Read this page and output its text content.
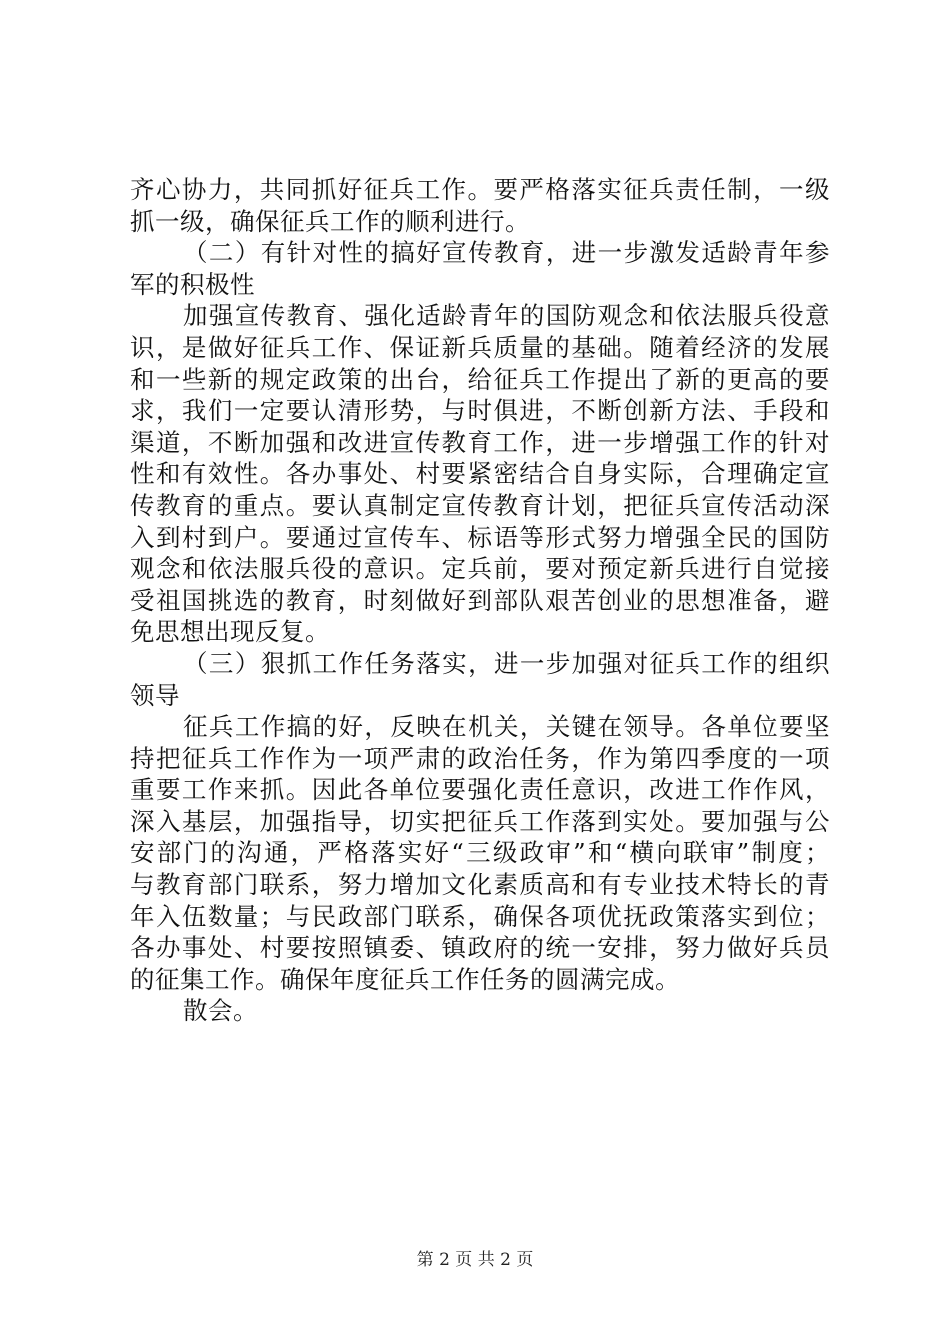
齐心协力，共同抓好征兵工作。要严格落实征兵责任制，一级
抓一级，确保征兵工作的顺利进行。
（二）有针对性的搞好宣传教育，进一步激发适龄青年参
军的积极性
加强宣传教育、强化适龄青年的国防观念和依法服兵役意
识，是做好征兵工作、保证新兵质量的基础。随着经济的发展
和一些新的规定政策的出台，给征兵工作提出了新的更高的要
求，我们一定要认清形势，与时俱进，不断创新方法、手段和
渠道，不断加强和改进宣传教育工作，进一步增强工作的针对
性和有效性。各办事处、村要紧密结合自身实际，合理确定宣
传教育的重点。要认真制定宣传教育计划，把征兵宣传活动深
入到村到户。要通过宣传车、标语等形式努力增强全民的国防
观念和依法服兵役的意识。定兵前，要对预定新兵进行自觉接
受祖国挑选的教育，时刻做好到部队艰苦创业的思想准备，避
免思想出现反复。
（三）狠抓工作任务落实，进一步加强对征兵工作的组织
领导
征兵工作搞的好，反映在机关，关键在领导。各单位要坚
持把征兵工作作为一项严肃的政治任务，作为第四季度的一项
重要工作来抓。因此各单位要强化责任意识，改进工作作风，
深入基层，加强指导，切实把征兵工作落到实处。要加强与公
安部门的沟通，严格落实好“三级政审”和“横向联审”制度；
与教育部门联系，努力增加文化素质高和有专业技术特长的青
年入伍数量；与民政部门联系，确保各项优抚政策落实到位；
各办事处、村要按照镇委、镇政府的统一安排，努力做好兵员
的征集工作。确保年度征兵工作任务的圆满完成。
散会。
第 2 页 共 2 页
